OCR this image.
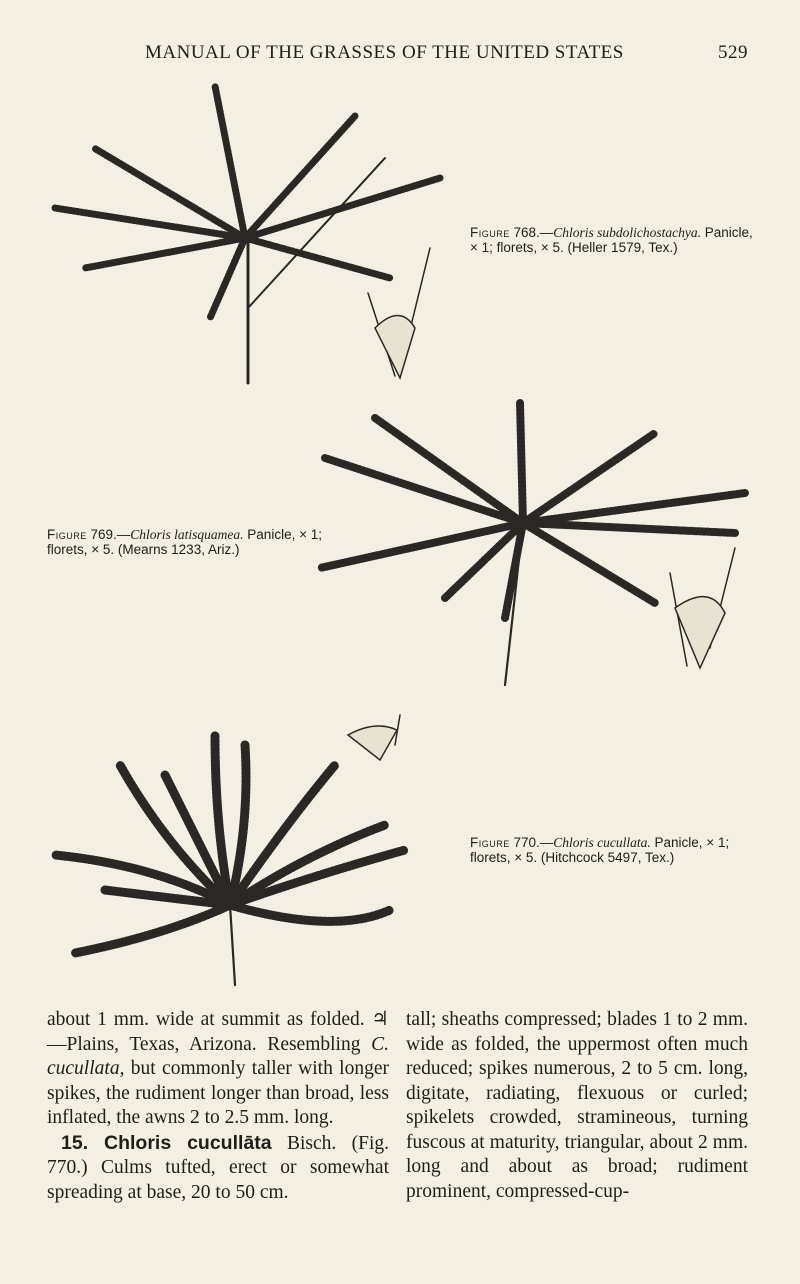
MANUAL OF THE GRASSES OF THE UNITED STATES	529
Figure 768.—Chloris subdolichostachya. Panicle, × 1; florets, × 5. (Heller 1579, Tex.)
Figure 769.—Chloris latisquamea. Panicle, × 1; florets, × 5. (Mearns 1233, Ariz.)
Figure 770.—Chloris cucullata. Panicle, × 1; florets, × 5. (Hitchcock 5497, Tex.)

about 1 mm. wide at summit as folded. ♃ —Plains, Texas, Arizona. Resembling C. cucullata, but commonly taller with longer spikes, the rudiment longer than broad, less inflated, the awns 2 to 2.5 mm. long.

15. Chloris cucullāta Bisch. (Fig. 770.) Culms tufted, erect or somewhat spreading at base, 20 to 50 cm.

tall; sheaths compressed; blades 1 to 2 mm. wide as folded, the uppermost often much reduced; spikes numerous, 2 to 5 cm. long, digitate, radiating, flexuous or curled; spikelets crowded, stramineous, turning fuscous at maturity, triangular, about 2 mm. long and about as broad; rudiment prominent, compressed-cup-
